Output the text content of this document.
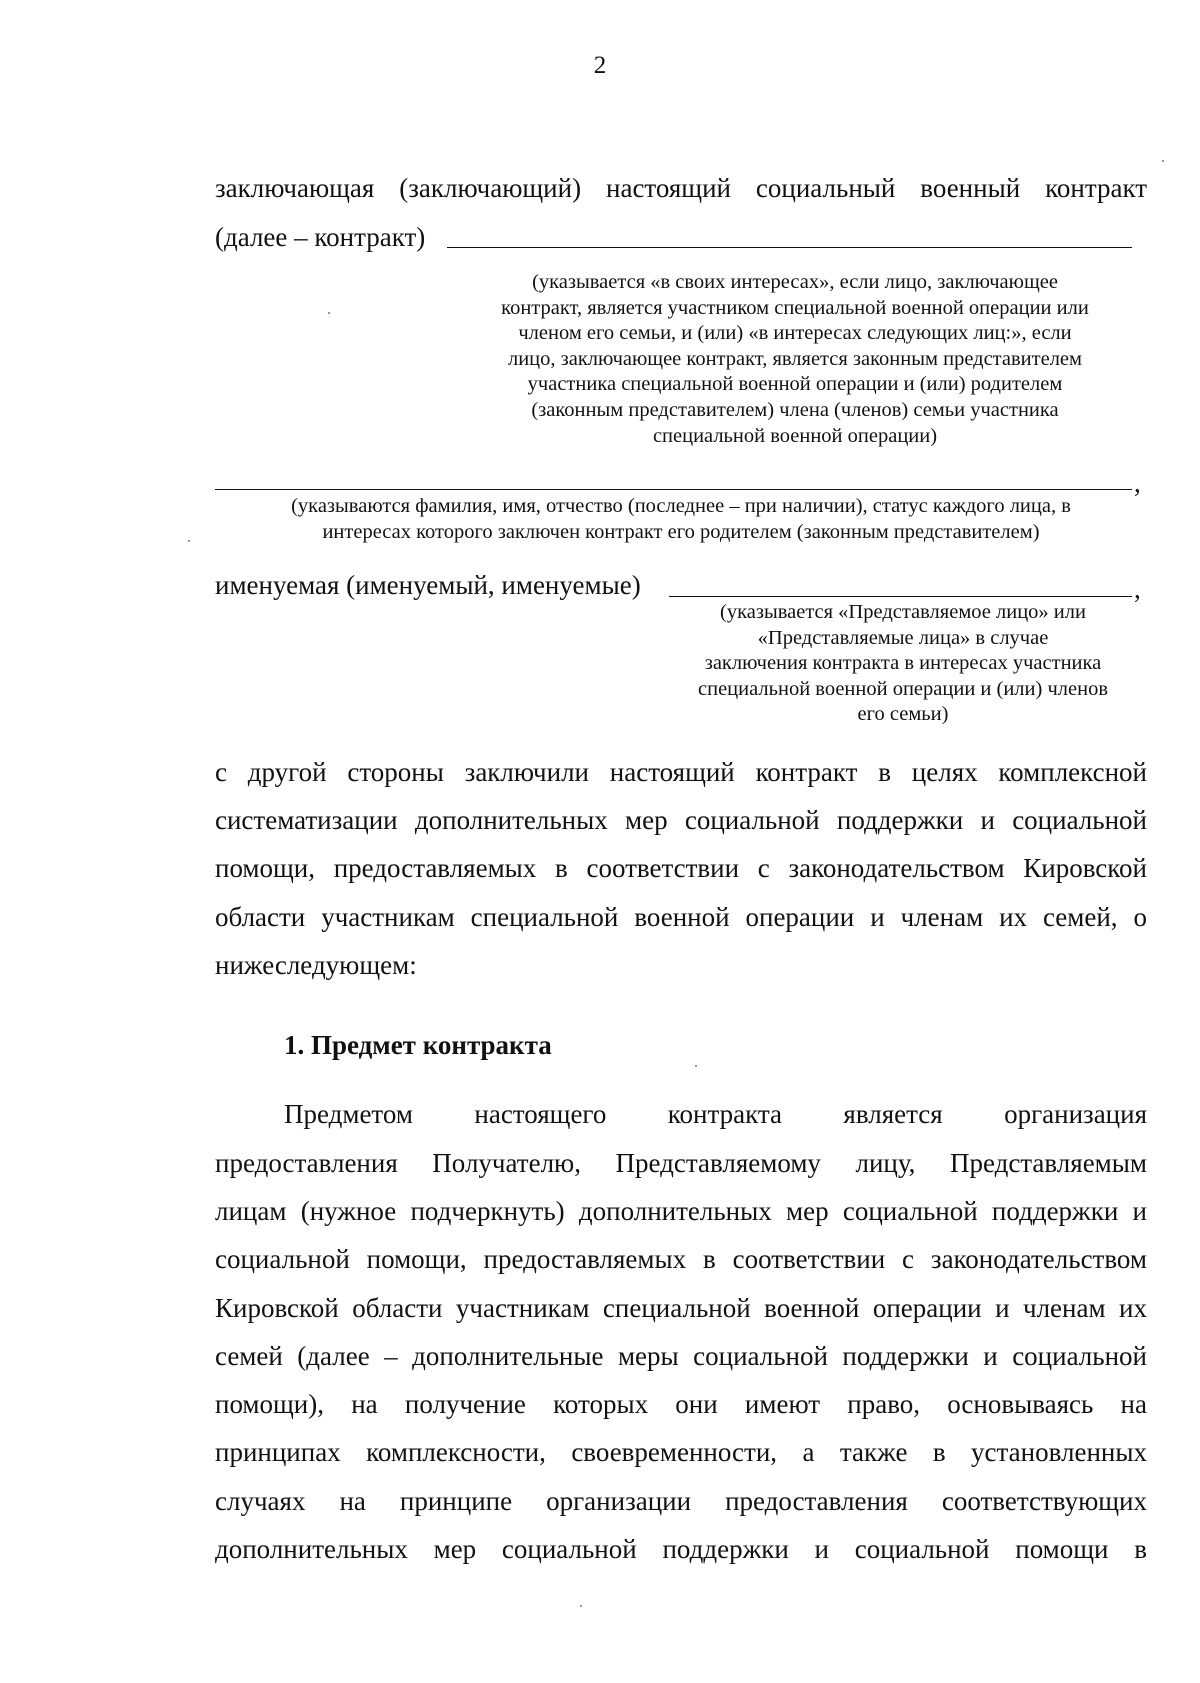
2
заключающая (заключающий) настоящий социальный военный контракт
(далее – контракт)
(указывается «в своих интересах», если лицо, заключающее
контракт, является участником специальной военной операции или
членом его семьи, и (или) «в интересах следующих лиц:», если
лицо, заключающее контракт, является законным представителем
участника специальной военной операции и (или) родителем
(законным представителем) члена (членов) семьи участника
специальной военной операции)
,
(указываются фамилия, имя, отчество (последнее – при наличии), статус каждого лица, в
интересах которого заключен контракт его родителем (законным представителем)
именуемая (именуемый, именуемые)	,
(указывается «Представляемое лицо» или
«Представляемые лица» в случае
заключения контракта в интересах участника
специальной военной операции и (или) членов
его семьи)
с другой стороны заключили настоящий контракт в целях комплексной
систематизации дополнительных мер социальной поддержки и социальной
помощи, предоставляемых в соответствии с законодательством Кировской
области участникам специальной военной операции и членам их семей, о
нижеследующем:
1. Предмет контракта
Предметом настоящего контракта является организация
предоставления Получателю, Представляемому лицу, Представляемым
лицам (нужное подчеркнуть) дополнительных мер социальной поддержки и
социальной помощи, предоставляемых в соответствии с законодательством
Кировской области участникам специальной военной операции и членам их
семей (далее – дополнительные меры социальной поддержки и социальной
помощи), на получение которых они имеют право, основываясь на
принципах комплексности, своевременности, а также в установленных
случаях на принципе организации предоставления соответствующих
дополнительных мер социальной поддержки и социальной помощи в
